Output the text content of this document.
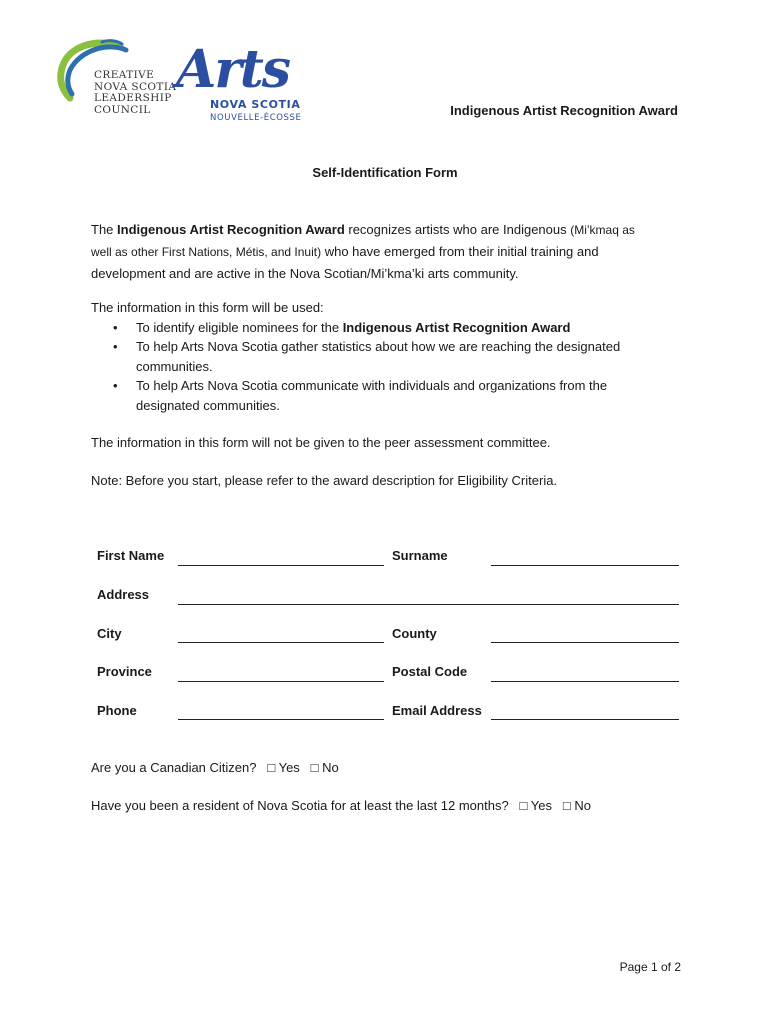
CREATIVE
NOVA SCOTIA
LEADERSHIP
COUNCIL
Arts
NOVA SCOTIA
NOUVELLE-ÉCOSSE	Indigenous Artist Recognition Award
Self-Identification Form
The Indigenous Artist Recognition Award recognizes artists who are Indigenous (Mi’kmaq as
well as other First Nations, Métis, and Inuit) who have emerged from their initial training and
development and are active in the Nova Scotian/Mi’kma’ki arts community.
The information in this form will be used:
• To identify eligible nominees for the Indigenous Artist Recognition Award
• To help Arts Nova Scotia gather statistics about how we are reaching the designated
communities.
• To help Arts Nova Scotia communicate with individuals and organizations from the
designated communities.
The information in this form will not be given to the peer assessment committee.
Note: Before you start, please refer to the award description for Eligibility Criteria.
First Name	Surname
Address
City	County
Province	Postal Code
Phone	Email Address
Are you a Canadian Citizen? □ Yes □ No
Have you been a resident of Nova Scotia for at least the last 12 months? □ Yes □ No
Page 1 of 2
